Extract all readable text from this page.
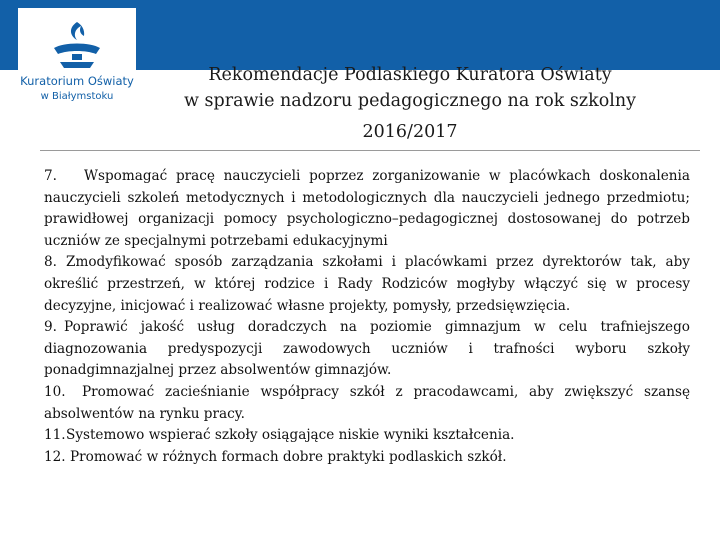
Kuratorium Oświaty
w Białymstoku
Rekomendacje Podlaskiego Kuratora Oświaty
w sprawie nadzoru pedagogicznego na rok szkolny
2016/2017

7. Wspomagać pracę nauczycieli poprzez zorganizowanie w placówkach doskonalenia nauczycieli szkoleń metodycznych i metodologicznych dla nauczycieli jednego przedmiotu; prawidłowej organizacji pomocy psychologiczno–pedagogicznej dostosowanej do potrzeb uczniów ze specjalnymi potrzebami edukacyjnymi

8. Zmodyfikować sposób zarządzania szkołami i placówkami przez dyrektorów tak, aby określić przestrzeń, w której rodzice i Rady Rodziców mogłyby włączyć się w procesy decyzyjne, inicjować i realizować własne projekty, pomysły, przedsięwzięcia.

9. Poprawić jakość usług doradczych na poziomie gimnazjum w celu trafniejszego diagnozowania predyspozycji zawodowych uczniów i trafności wyboru szkoły ponadgimnazjalnej przez absolwentów gimnazjów.

10. Promować zacieśnianie współpracy szkół z pracodawcami, aby zwiększyć szansę absolwentów na rynku pracy.

11.Systemowo wspierać szkoły osiągające niskie wyniki kształcenia.

12. Promować w różnych formach dobre praktyki podlaskich szkół.
